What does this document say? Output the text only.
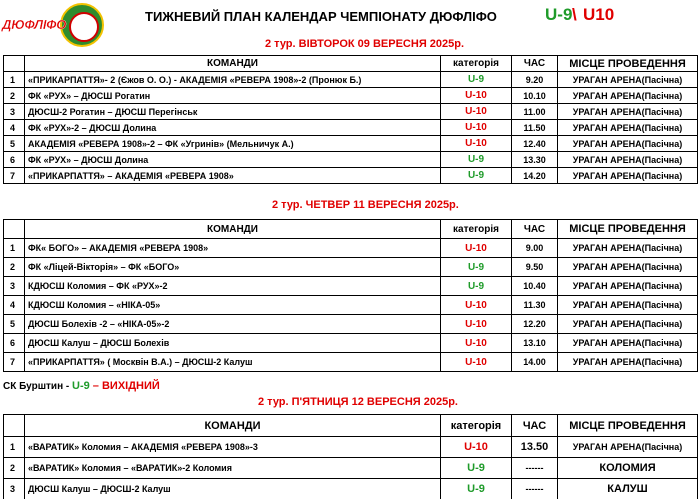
ДЮФЛІФО
ТИЖНЕВИЙ ПЛАН КАЛЕНДАР ЧЕМПІОНАТУ ДЮФЛІФО	U-9 \ U10
2 тур. ВІВТОРОК 09 ВЕРЕСНЯ 2025р.
	КОМАНДИ	категорія	ЧАС	МІСЦЕ ПРОВЕДЕННЯ
1	«ПРИКАРПАТТЯ»- 2 (Єжов О. О.) - АКАДЕМІЯ «РЕВЕРА 1908»-2 (Пронюк Б.)	U-9	9.20	УРАГАН АРЕНА(Пасічна)
2	ФК «РУХ» – ДЮСШ Рогатин	U-10	10.10	УРАГАН АРЕНА(Пасічна)
3	ДЮСШ-2 Рогатин – ДЮСШ Перегінськ	U-10	11.00	УРАГАН АРЕНА(Пасічна)
4	ФК «РУХ»-2 – ДЮСШ Долина	U-10	11.50	УРАГАН АРЕНА(Пасічна)
5	АКАДЕМІЯ «РЕВЕРА 1908»-2 – ФК «Угринів» (Мельничук А.)	U-10	12.40	УРАГАН АРЕНА(Пасічна)
6	ФК «РУХ» – ДЮСШ Долина	U-9	13.30	УРАГАН АРЕНА(Пасічна)
7	«ПРИКАРПАТТЯ» – АКАДЕМІЯ «РЕВЕРА 1908»	U-9	14.20	УРАГАН АРЕНА(Пасічна)
2 тур. ЧЕТВЕР 11 ВЕРЕСНЯ 2025р.
	КОМАНДИ	категорія	ЧАС	МІСЦЕ ПРОВЕДЕННЯ
1	ФК« БОГО» – АКАДЕМІЯ «РЕВЕРА 1908»	U-10	9.00	УРАГАН АРЕНА(Пасічна)
2	ФК «Ліцей-Вікторія» – ФК «БОГО»	U-9	9.50	УРАГАН АРЕНА(Пасічна)
3	КДЮСШ Коломия – ФК «РУХ»-2	U-9	10.40	УРАГАН АРЕНА(Пасічна)
4	КДЮСШ Коломия – «НІКА-05»	U-10	11.30	УРАГАН АРЕНА(Пасічна)
5	ДЮСШ Болехів -2 – «НІКА-05»-2	U-10	12.20	УРАГАН АРЕНА(Пасічна)
6	ДЮСШ Калуш – ДЮСШ Болехів	U-10	13.10	УРАГАН АРЕНА(Пасічна)
7	«ПРИКАРПАТТЯ» ( Москвін В.А.) – ДЮСШ-2 Калуш	U-10	14.00	УРАГАН АРЕНА(Пасічна)
СК Бурштин - U-9 – ВИХІДНИЙ
2 тур. П'ЯТНИЦЯ 12 ВЕРЕСНЯ 2025р.
	КОМАНДИ	категорія	ЧАС	МІСЦЕ ПРОВЕДЕННЯ
1	«ВАРАТИК» Коломия – АКАДЕМІЯ «РЕВЕРА 1908»-3	U-10	13.50	УРАГАН АРЕНА(Пасічна)
2	«ВАРАТИК» Коломия – «ВАРАТИК»-2 Коломия	U-9	------	КОЛОМИЯ
3	ДЮСШ Калуш – ДЮСШ-2 Калуш	U-9	------	КАЛУШ
